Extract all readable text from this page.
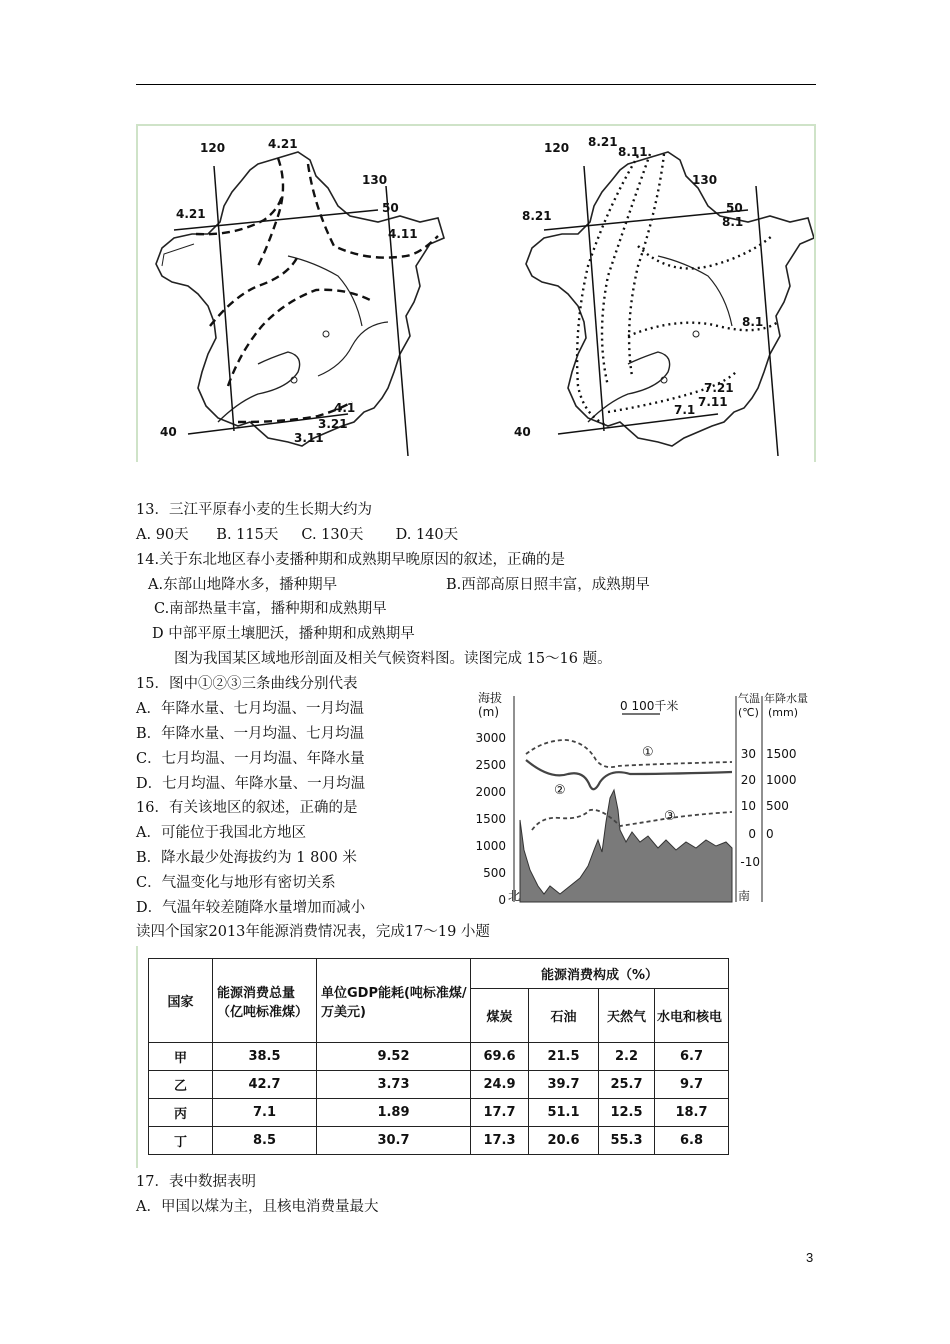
120
130
50
40
4.21
4.21
4.11
4.1
3.21
3.11
120
130
50
40
8.21
8.11
8.21	8.1
8.1
7.21
7.11
7.1
13．三江平原春小麦的生长期大约为
A. 90天      B. 115天     C. 130天       D. 140天
14.关于东北地区春小麦播种期和成熟期早晚原因的叙述，正确的是
A.东部山地降水多，播种期早	B.西部高原日照丰富，成熟期早
C.南部热量丰富，播种期和成熟期早
D 中部平原土壤肥沃，播种期和成熟期早
图为我国某区域地形剖面及相关气候资料图。读图完成 15～16 题。
15．图中①②③三条曲线分别代表
A．年降水量、七月均温、一月均温
B．年降水量、一月均温、七月均温
C．七月均温、一月均温、年降水量
D．七月均温、年降水量、一月均温
16．有关该地区的叙述，正确的是
A．可能位于我国北方地区
B．降水最少处海拔约为 1 800 米
C．气温变化与地形有密切关系
D．气温年较差随降水量增加而减小
海拔
(m)
3000
2500
2000
1500
1000
500
0
0 100千米
气温
(℃)
年降水量
(mm)
30
20
10
0
-10
1500
1000
500
0
①
②
③
北	南
读四个国家2013年能源消费情况表，完成17～19 小题
国家	能源消费总量（亿吨标准煤）	单位GDP能耗(吨标准煤/万美元)	能源消费构成（%）			
			煤炭	石油	天然气	水电和核电
甲	38.5	9.52	69.6	21.5	2.2	6.7
乙	42.7	3.73	24.9	39.7	25.7	9.7
丙	7.1	1.89	17.7	51.1	12.5	18.7
丁	8.5	30.7	17.3	20.6	55.3	6.8
17．表中数据表明
A．甲国以煤为主，且核电消费量最大
3
